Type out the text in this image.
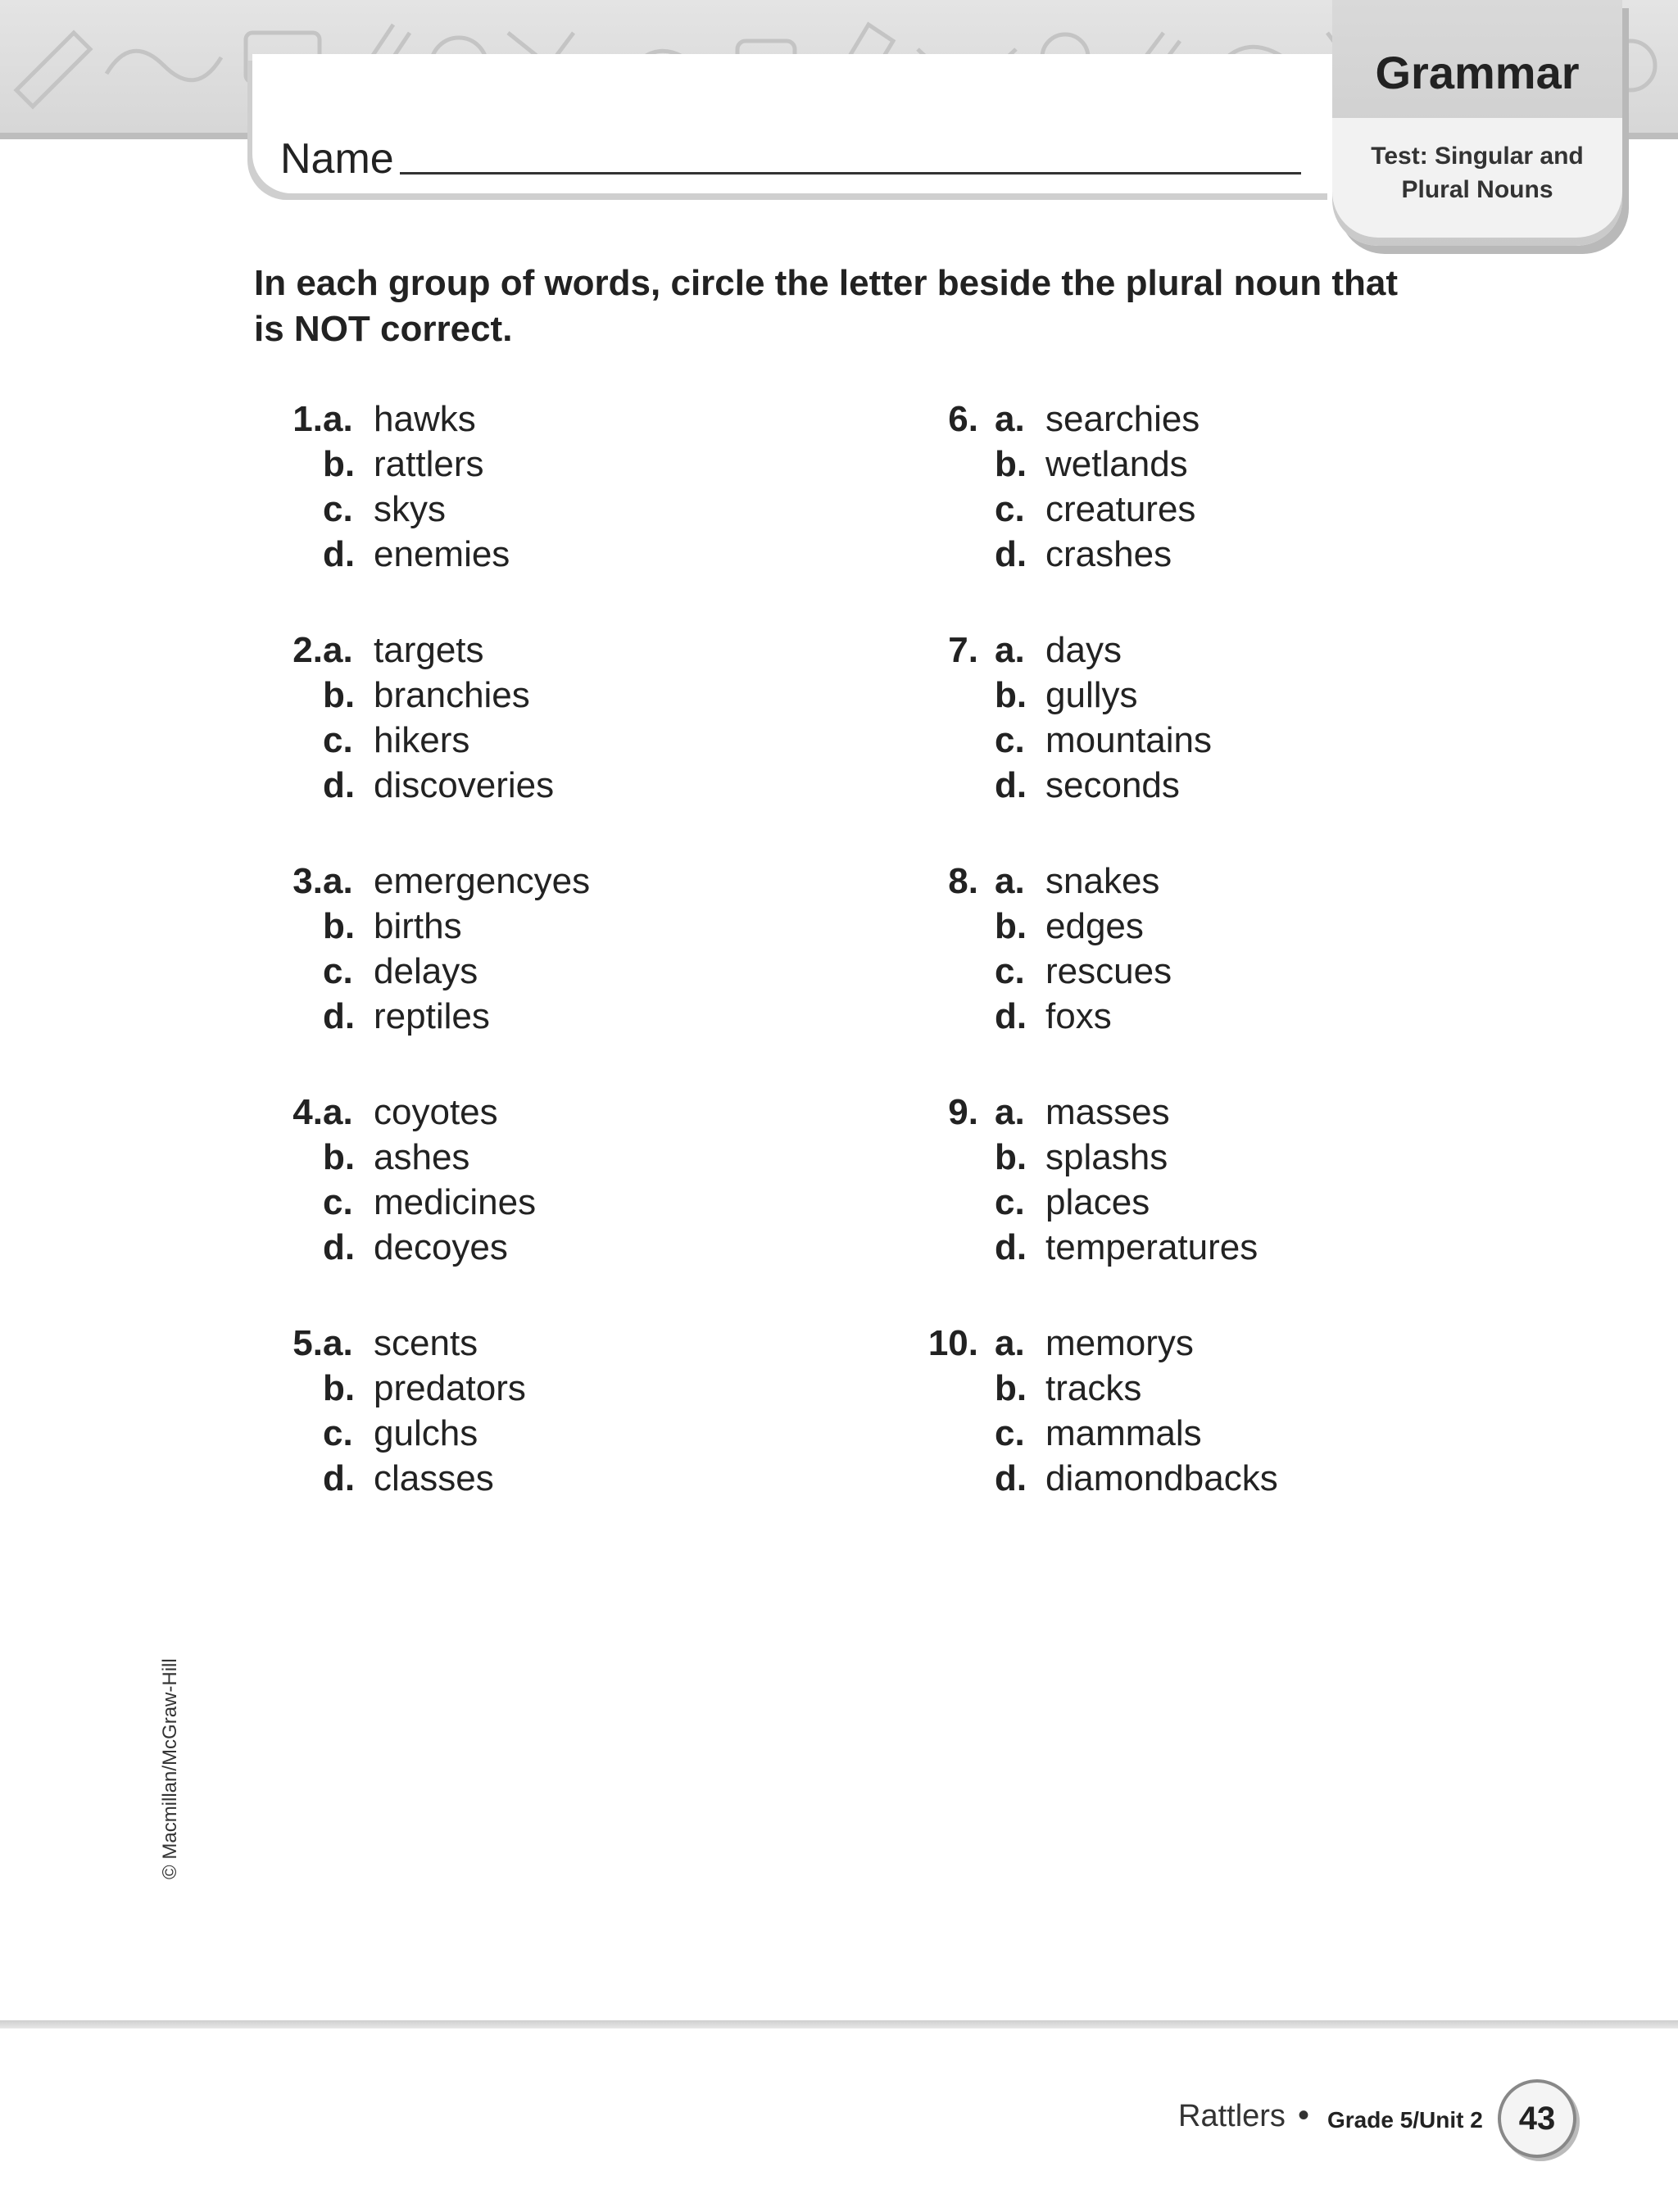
Name
Grammar
Test: Singular and
Plural Nouns
In each group of words, circle the letter beside the plural noun that
is NOT correct.
1. a. hawks
b. rattlers
c. skys
d. enemies
2. a. targets
b. branchies
c. hikers
d. discoveries
3. a. emergencyes
b. births
c. delays
d. reptiles
4. a. coyotes
b. ashes
c. medicines
d. decoyes
5. a. scents
b. predators
c. gulchs
d. classes
6. a. searchies
b. wetlands
c. creatures
d. crashes
7. a. days
b. gullys
c. mountains
d. seconds
8. a. snakes
b. edges
c. rescues
d. foxs
9. a. masses
b. splashs
c. places
d. temperatures
10. a. memorys
b. tracks
c. mammals
d. diamondbacks
© Macmillan/McGraw-Hill
Rattlers • Grade 5/Unit 2	43
